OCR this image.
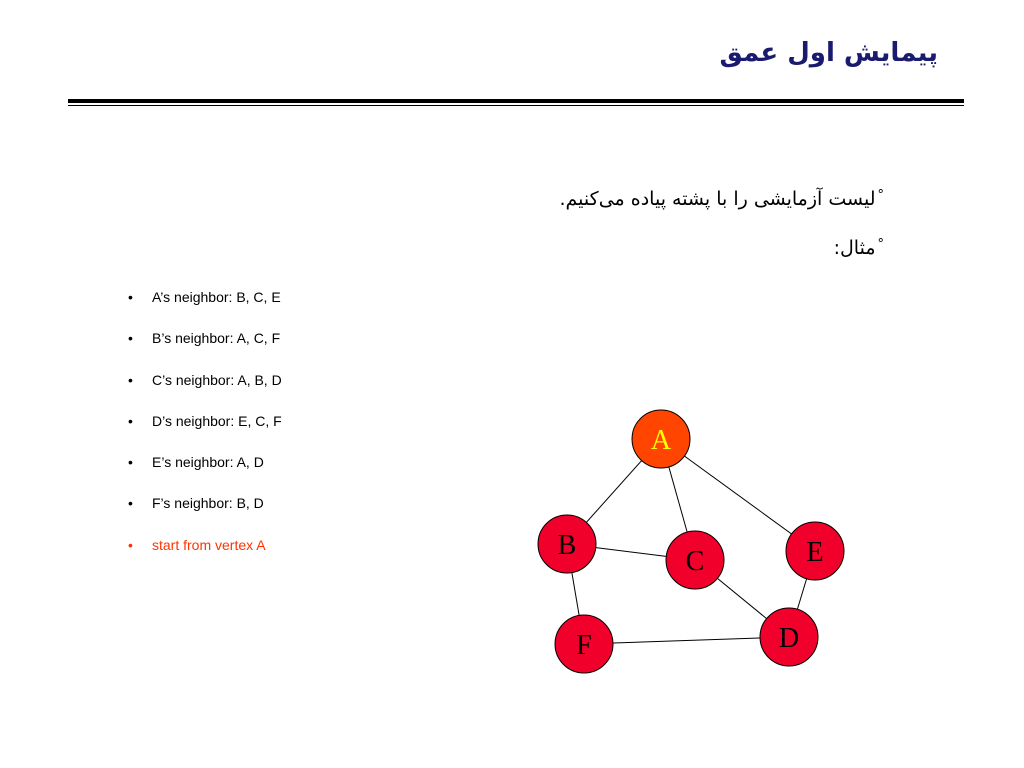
پیمایش اول عمق
°لیست آزمایشی را با پشته پیاده می‌کنیم.
°مثال:
• A’s neighbor: B, C, E
• B’s neighbor: A, C, F
• C’s neighbor: A, B, D
• D’s neighbor: E, C, F
• E’s neighbor: A, D
• F’s neighbor: B, D
• start from vertex A
A
B
C
D
E
F
